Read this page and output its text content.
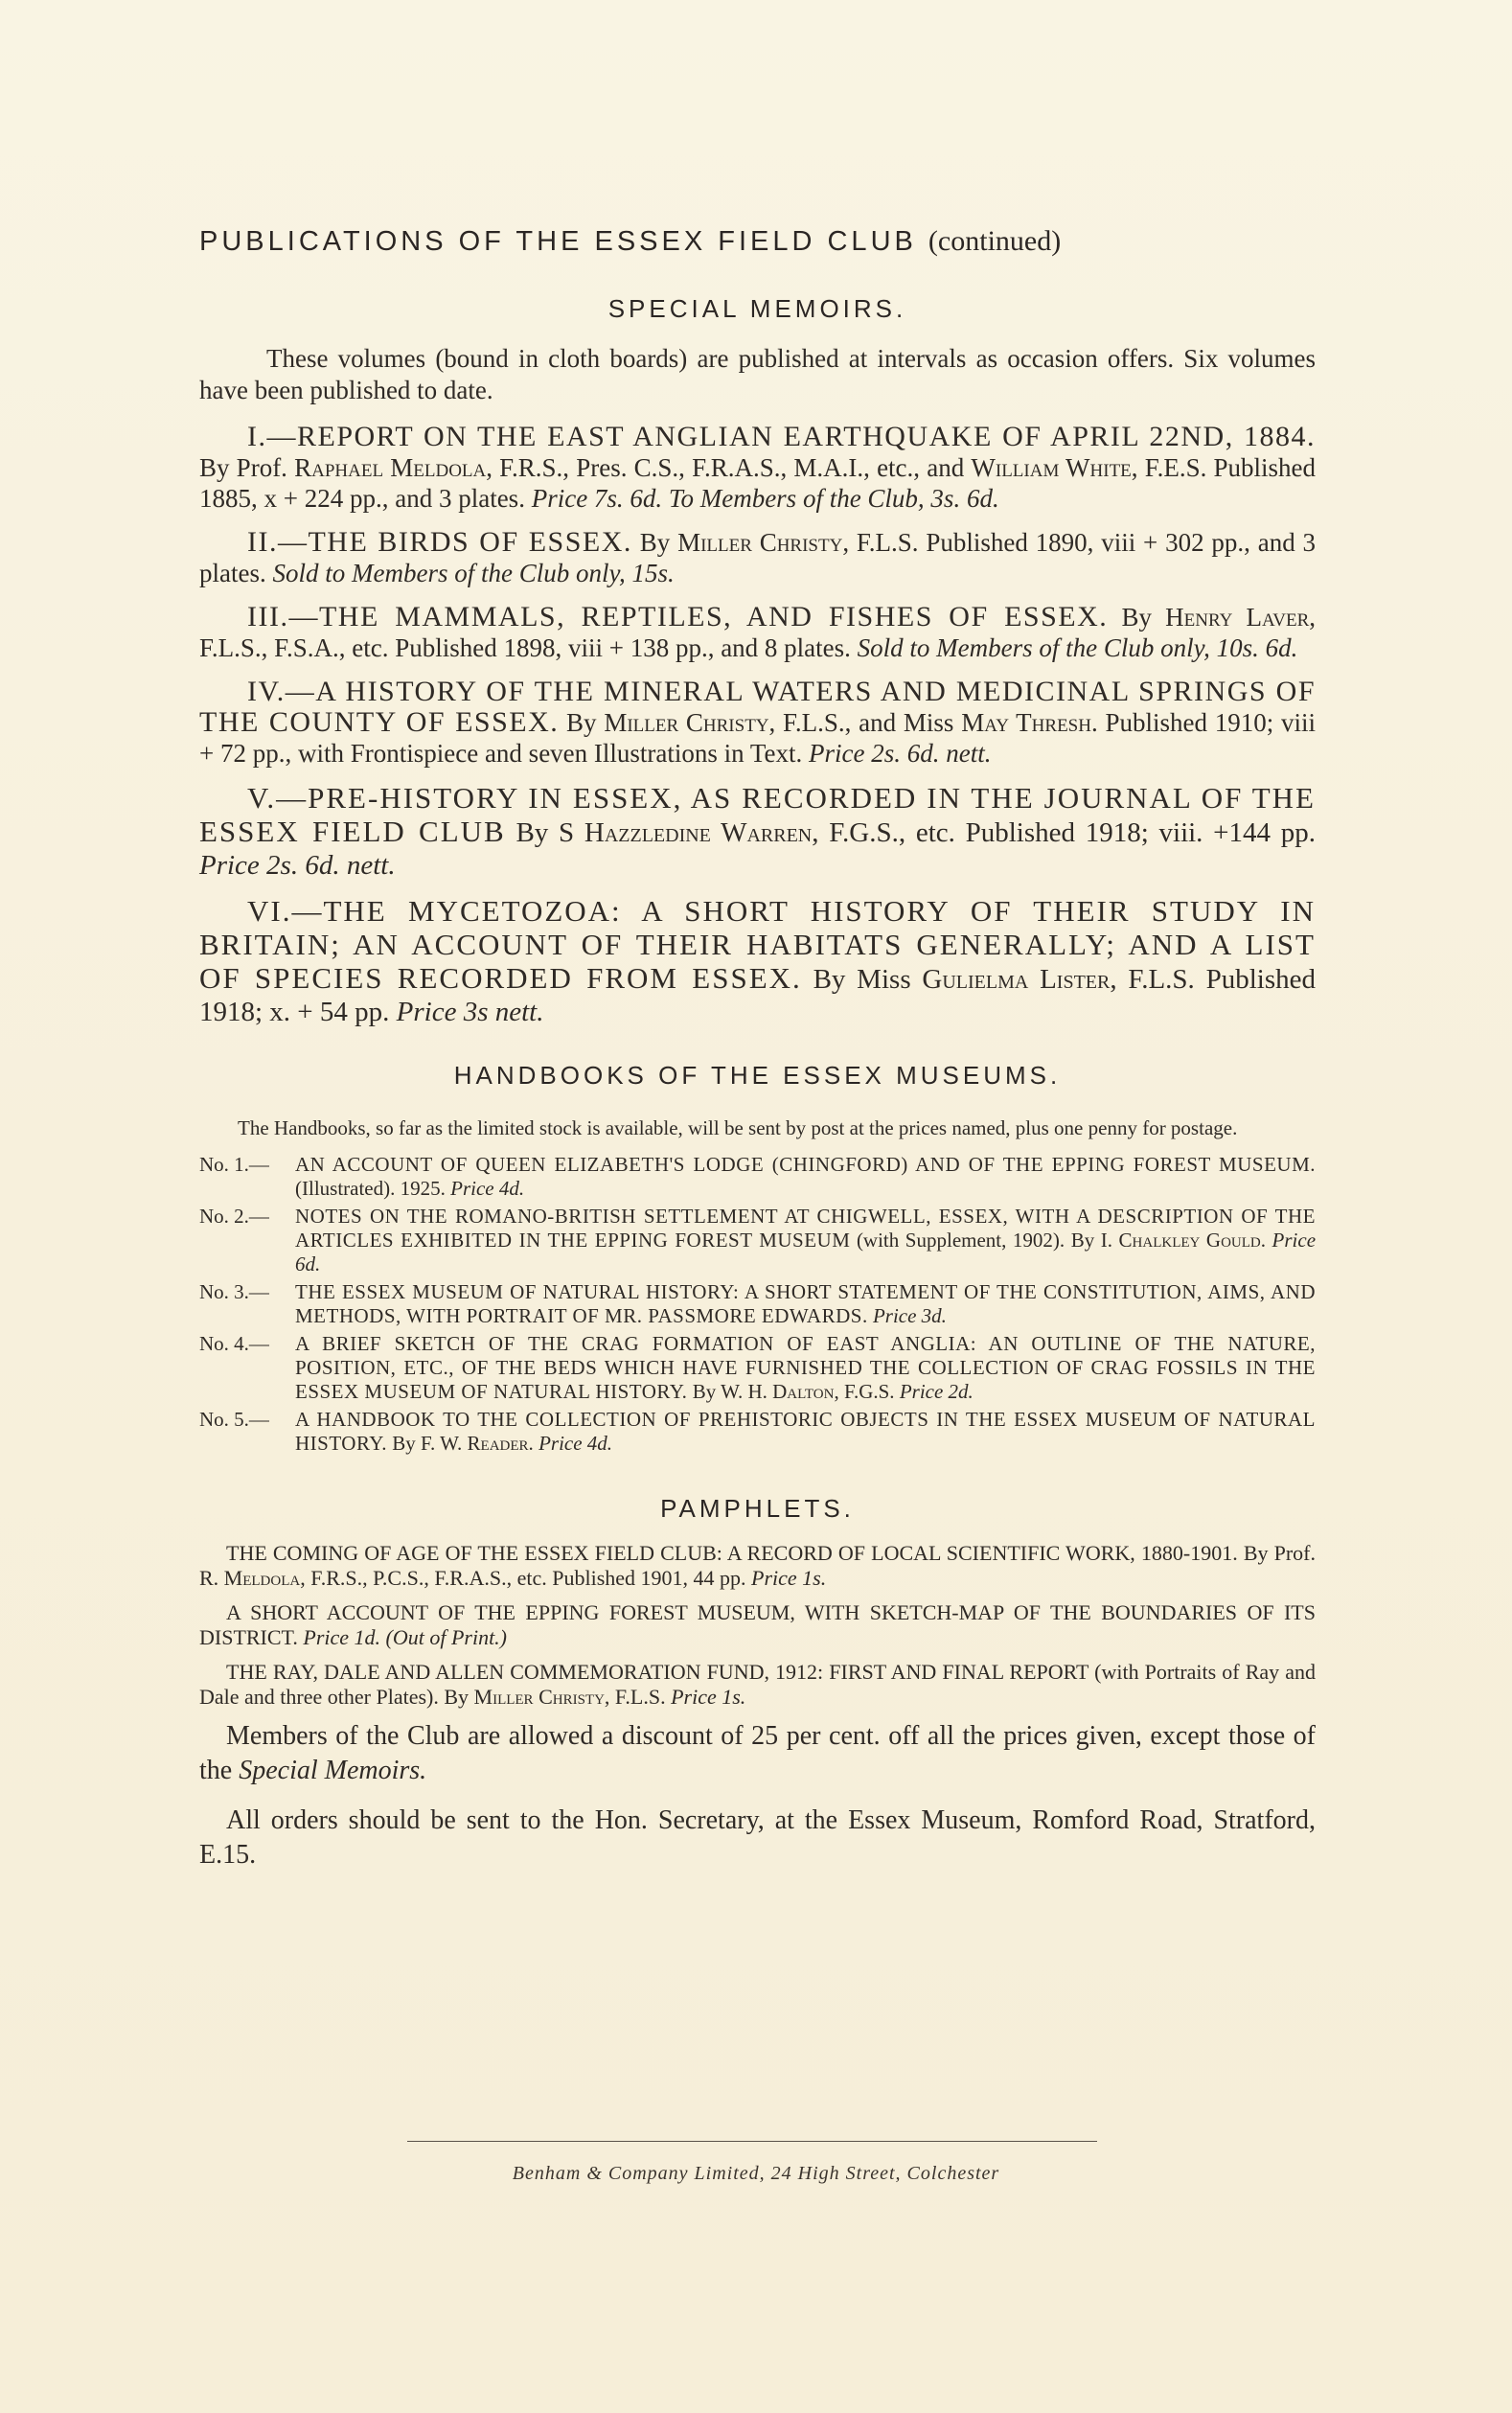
PUBLICATIONS OF THE ESSEX FIELD CLUB (continued)
SPECIAL MEMOIRS.

These volumes (bound in cloth boards) are published at intervals as occasion offers. Six volumes have been published to date.

I.—REPORT ON THE EAST ANGLIAN EARTHQUAKE OF APRIL 22ND, 1884. By Prof. Raphael Meldola, F.R.S., Pres. C.S., F.R.A.S., M.A.I., etc., and William White, F.E.S. Published 1885, x + 224 pp., and 3 plates. Price 7s. 6d. To Members of the Club, 3s. 6d.

II.—THE BIRDS OF ESSEX. By Miller Christy, F.L.S. Published 1890, viii + 302 pp., and 3 plates. Sold to Members of the Club only, 15s.

III.—THE MAMMALS, REPTILES, AND FISHES OF ESSEX. By Henry Laver, F.L.S., F.S.A., etc. Published 1898, viii + 138 pp., and 8 plates. Sold to Members of the Club only, 10s. 6d.

IV.—A HISTORY OF THE MINERAL WATERS AND MEDICINAL SPRINGS OF THE COUNTY OF ESSEX. By Miller Christy, F.L.S., and Miss May Thresh. Published 1910; viii + 72 pp., with Frontispiece and seven Illustrations in Text. Price 2s. 6d. nett.

V.—PRE-HISTORY IN ESSEX, AS RECORDED IN THE JOURNAL OF THE ESSEX FIELD CLUB By S Hazzledine Warren, F.G.S., etc. Published 1918; viii. +144 pp. Price 2s. 6d. nett.

VI.—THE MYCETOZOA: A SHORT HISTORY OF THEIR STUDY IN BRITAIN; AN ACCOUNT OF THEIR HABITATS GENERALLY; AND A LIST OF SPECIES RECORDED FROM ESSEX. By Miss Gulielma Lister, F.L.S. Published 1918; x. + 54 pp. Price 3s nett.

HANDBOOKS OF THE ESSEX MUSEUMS.

The Handbooks, so far as the limited stock is available, will be sent by post at the prices named, plus one penny for postage.

No. 1.—	AN ACCOUNT OF QUEEN ELIZABETH'S LODGE (CHINGFORD) AND OF THE EPPING FOREST MUSEUM. (Illustrated). 1925. Price 4d.
No. 2.—	NOTES ON THE ROMANO-BRITISH SETTLEMENT AT CHIGWELL, ESSEX, WITH A DESCRIPTION OF THE ARTICLES EXHIBITED IN THE EPPING FOREST MUSEUM (with Supplement, 1902). By I. Chalkley Gould. Price 6d.
No. 3.—	THE ESSEX MUSEUM OF NATURAL HISTORY: A SHORT STATEMENT OF THE CONSTITUTION, AIMS, AND METHODS, WITH PORTRAIT OF MR. PASSMORE EDWARDS. Price 3d.
No. 4.—	A BRIEF SKETCH OF THE CRAG FORMATION OF EAST ANGLIA: AN OUTLINE OF THE NATURE, POSITION, ETC., OF THE BEDS WHICH HAVE FURNISHED THE COLLECTION OF CRAG FOSSILS IN THE ESSEX MUSEUM OF NATURAL HISTORY. By W. H. Dalton, F.G.S. Price 2d.
No. 5.—	A HANDBOOK TO THE COLLECTION OF PREHISTORIC OBJECTS IN THE ESSEX MUSEUM OF NATURAL HISTORY. By F. W. Reader. Price 4d.
PAMPHLETS.

THE COMING OF AGE OF THE ESSEX FIELD CLUB: A RECORD OF LOCAL SCIENTIFIC WORK, 1880-1901. By Prof. R. Meldola, F.R.S., P.C.S., F.R.A.S., etc. Published 1901, 44 pp. Price 1s.

A SHORT ACCOUNT OF THE EPPING FOREST MUSEUM, WITH SKETCH-MAP OF THE BOUNDARIES OF ITS DISTRICT. Price 1d. (Out of Print.)

THE RAY, DALE AND ALLEN COMMEMORATION FUND, 1912: FIRST AND FINAL REPORT (with Portraits of Ray and Dale and three other Plates). By Miller Christy, F.L.S. Price 1s.

Members of the Club are allowed a discount of 25 per cent. off all the prices given, except those of the Special Memoirs.

All orders should be sent to the Hon. Secretary, at the Essex Museum, Romford Road, Stratford, E.15.

Benham & Company Limited, 24 High Street, Colchester
